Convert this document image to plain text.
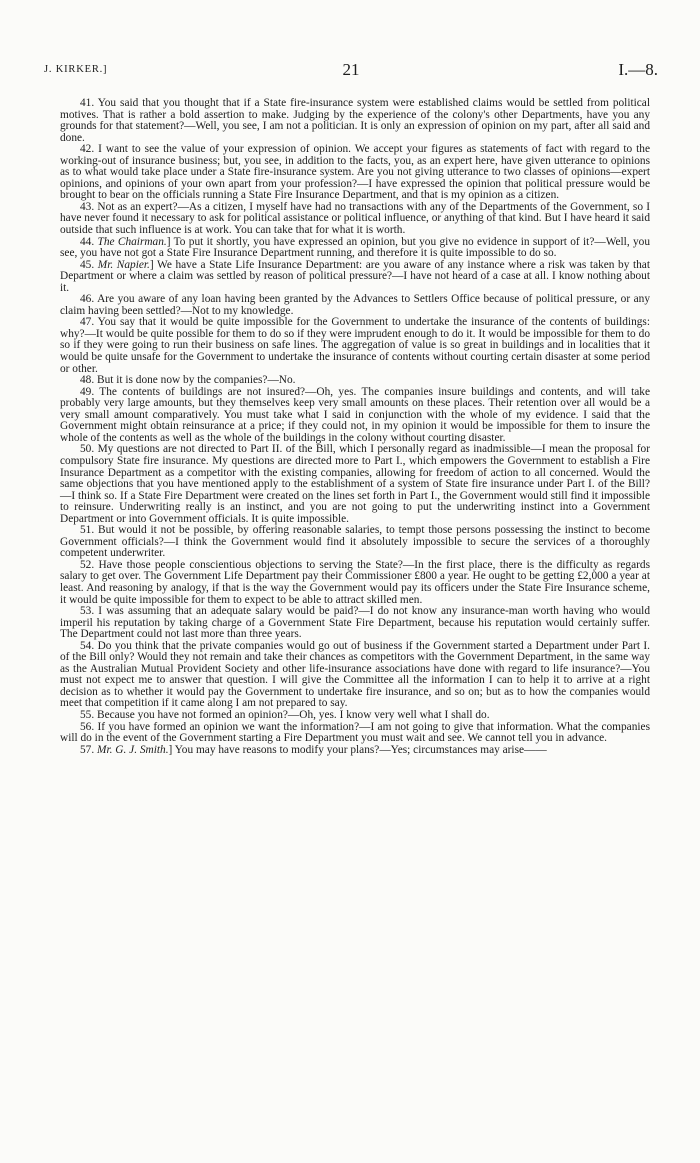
J. KIRKER.]	21	I.—8.

41. You said that you thought that if a State fire-insurance system were established claims would be settled from political motives. That is rather a bold assertion to make. Judging by the experience of the colony's other Departments, have you any grounds for that statement?—Well, you see, I am not a politician. It is only an expression of opinion on my part, after all said and done.

42. I want to see the value of your expression of opinion. We accept your figures as statements of fact with regard to the working-out of insurance business; but, you see, in addition to the facts, you, as an expert here, have given utterance to opinions as to what would take place under a State fire-insurance system. Are you not giving utterance to two classes of opinions—expert opinions, and opinions of your own apart from your profession?—I have expressed the opinion that political pressure would be brought to bear on the officials running a State Fire Insurance Department, and that is my opinion as a citizen.

43. Not as an expert?—As a citizen, I myself have had no transactions with any of the Departments of the Government, so I have never found it necessary to ask for political assistance or political influence, or anything of that kind. But I have heard it said outside that such influence is at work. You can take that for what it is worth.

44. The Chairman.] To put it shortly, you have expressed an opinion, but you give no evidence in support of it?—Well, you see, you have not got a State Fire Insurance Department running, and therefore it is quite impossible to do so.

45. Mr. Napier.] We have a State Life Insurance Department: are you aware of any instance where a risk was taken by that Department or where a claim was settled by reason of political pressure?—I have not heard of a case at all. I know nothing about it.

46. Are you aware of any loan having been granted by the Advances to Settlers Office because of political pressure, or any claim having been settled?—Not to my knowledge.

47. You say that it would be quite impossible for the Government to undertake the insurance of the contents of buildings: why?—It would be quite possible for them to do so if they were imprudent enough to do it. It would be impossible for them to do so if they were going to run their business on safe lines. The aggregation of value is so great in buildings and in localities that it would be quite unsafe for the Government to undertake the insurance of contents without courting certain disaster at some period or other.

48. But it is done now by the companies?—No.

49. The contents of buildings are not insured?—Oh, yes. The companies insure buildings and contents, and will take probably very large amounts, but they themselves keep very small amounts on these places. Their retention over all would be a very small amount comparatively. You must take what I said in conjunction with the whole of my evidence. I said that the Government might obtain reinsurance at a price; if they could not, in my opinion it would be impossible for them to insure the whole of the contents as well as the whole of the buildings in the colony without courting disaster.

50. My questions are not directed to Part II. of the Bill, which I personally regard as inadmissible—I mean the proposal for compulsory State fire insurance. My questions are directed more to Part I., which empowers the Government to establish a Fire Insurance Department as a competitor with the existing companies, allowing for freedom of action to all concerned. Would the same objections that you have mentioned apply to the establishment of a system of State fire insurance under Part I. of the Bill?—I think so. If a State Fire Department were created on the lines set forth in Part I., the Government would still find it impossible to reinsure. Underwriting really is an instinct, and you are not going to put the underwriting instinct into a Government Department or into Government officials. It is quite impossible.

51. But would it not be possible, by offering reasonable salaries, to tempt those persons possessing the instinct to become Government officials?—I think the Government would find it absolutely impossible to secure the services of a thoroughly competent underwriter.

52. Have those people conscientious objections to serving the State?—In the first place, there is the difficulty as regards salary to get over. The Government Life Department pay their Commissioner £800 a year. He ought to be getting £2,000 a year at least. And reasoning by analogy, if that is the way the Government would pay its officers under the State Fire Insurance scheme, it would be quite impossible for them to expect to be able to attract skilled men.

53. I was assuming that an adequate salary would be paid?—I do not know any insurance-man worth having who would imperil his reputation by taking charge of a Government State Fire Department, because his reputation would certainly suffer. The Department could not last more than three years.

54. Do you think that the private companies would go out of business if the Government started a Department under Part I. of the Bill only? Would they not remain and take their chances as competitors with the Government Department, in the same way as the Australian Mutual Provident Society and other life-insurance associations have done with regard to life insurance?—You must not expect me to answer that question. I will give the Committee all the information I can to help it to arrive at a right decision as to whether it would pay the Government to undertake fire insurance, and so on; but as to how the companies would meet that competition if it came along I am not prepared to say.

55. Because you have not formed an opinion?—Oh, yes. I know very well what I shall do.

56. If you have formed an opinion we want the information?—I am not going to give that information. What the companies will do in the event of the Government starting a Fire Department you must wait and see. We cannot tell you in advance.

57. Mr. G. J. Smith.] You may have reasons to modify your plans?—Yes; circumstances may arise——
